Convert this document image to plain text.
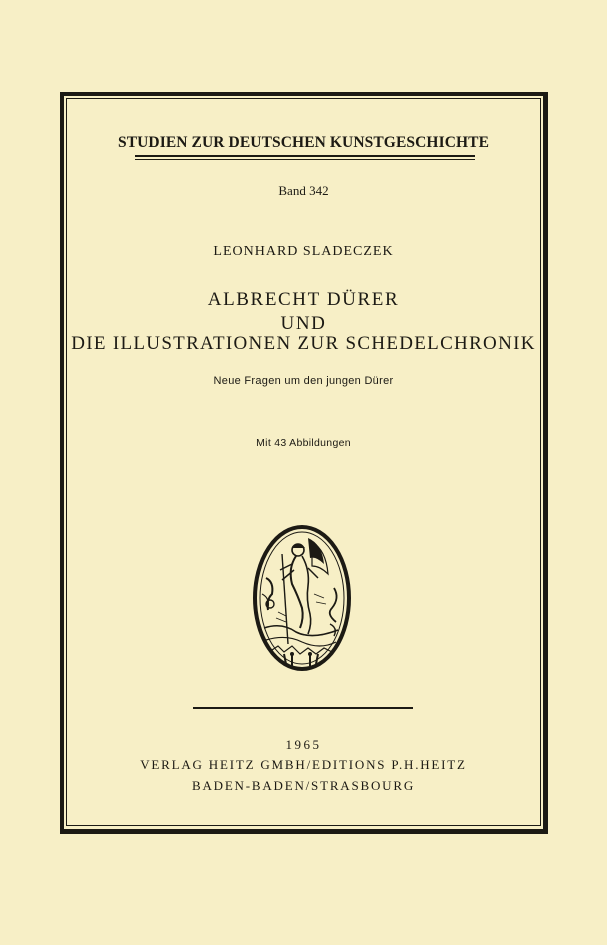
STUDIEN ZUR DEUTSCHEN KUNSTGESCHICHTE
Band 342
LEONHARD SLADECZEK
ALBRECHT DÜRER
UND
DIE ILLUSTRATIONEN ZUR SCHEDELCHRONIK
Neue Fragen um den jungen Dürer
Mit 43 Abbildungen
1965
VERLAG HEITZ GMBH/EDITIONS P.H.HEITZ
BADEN-BADEN/STRASBOURG
